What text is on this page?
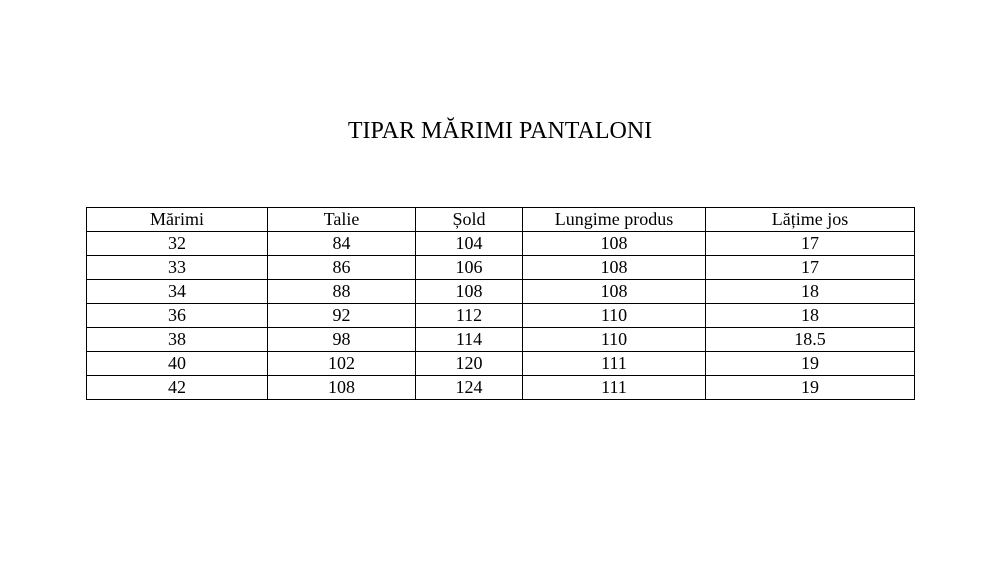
TIPAR MĂRIMI PANTALONI
Mărimi	Talie	Șold	Lungime produs	Lățime jos
32	84	104	108	17
33	86	106	108	17
34	88	108	108	18
36	92	112	110	18
38	98	114	110	18.5
40	102	120	111	19
42	108	124	111	19
